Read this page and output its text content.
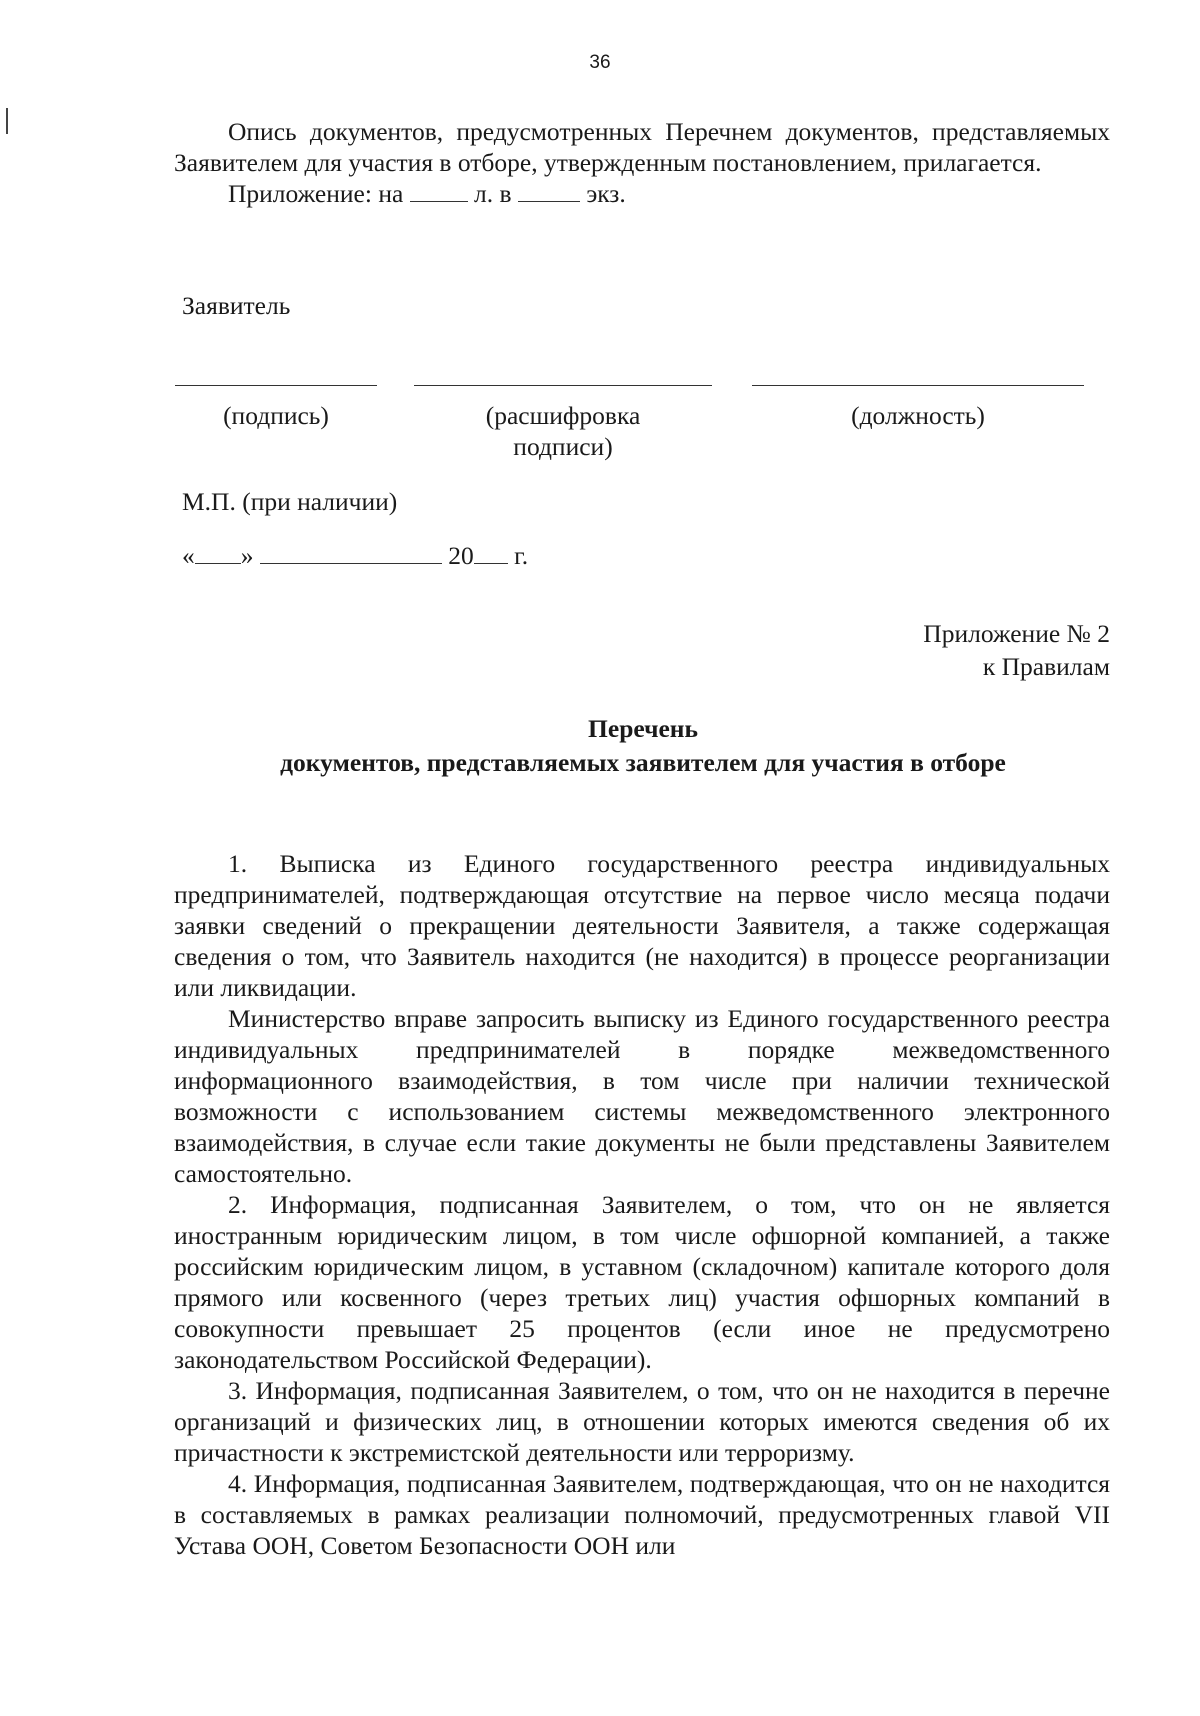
36

Опись документов, предусмотренных Перечнем документов, представляемых Заявителем для участия в отборе, утвержденным постановлением, прилагается.

Приложение: на	л. в	экз.

Заявитель
(подпись)	(расшифровка
подписи)
(должность)
М.П. (при наличии)
« »	20 г.
Приложение № 2
к Правилам
Перечень
документов, представляемых заявителем для участия в отборе

1. Выписка из Единого государственного реестра индивидуальных предпринимателей, подтверждающая отсутствие на первое число месяца подачи заявки сведений о прекращении деятельности Заявителя, а также содержащая сведения о том, что Заявитель находится (не находится) в процессе реорганизации или ликвидации.

Министерство вправе запросить выписку из Единого государственного реестра индивидуальных предпринимателей в порядке межведомственного информационного взаимодействия, в том числе при наличии технической возможности с использованием системы межведомственного электронного взаимодействия, в случае если такие документы не были представлены Заявителем самостоятельно.

2. Информация, подписанная Заявителем, о том, что он не является иностранным юридическим лицом, в том числе офшорной компанией, а также российским юридическим лицом, в уставном (складочном) капитале которого доля прямого или косвенного (через третьих лиц) участия офшорных компаний в совокупности превышает 25 процентов (если иное не предусмотрено законодательством Российской Федерации).

3. Информация, подписанная Заявителем, о том, что он не находится в перечне организаций и физических лиц, в отношении которых имеются сведения об их причастности к экстремистской деятельности или терроризму.

4. Информация, подписанная Заявителем, подтверждающая, что он не находится в составляемых в рамках реализации полномочий, предусмотренных главой VII Устава ООН, Советом Безопасности ООН или
